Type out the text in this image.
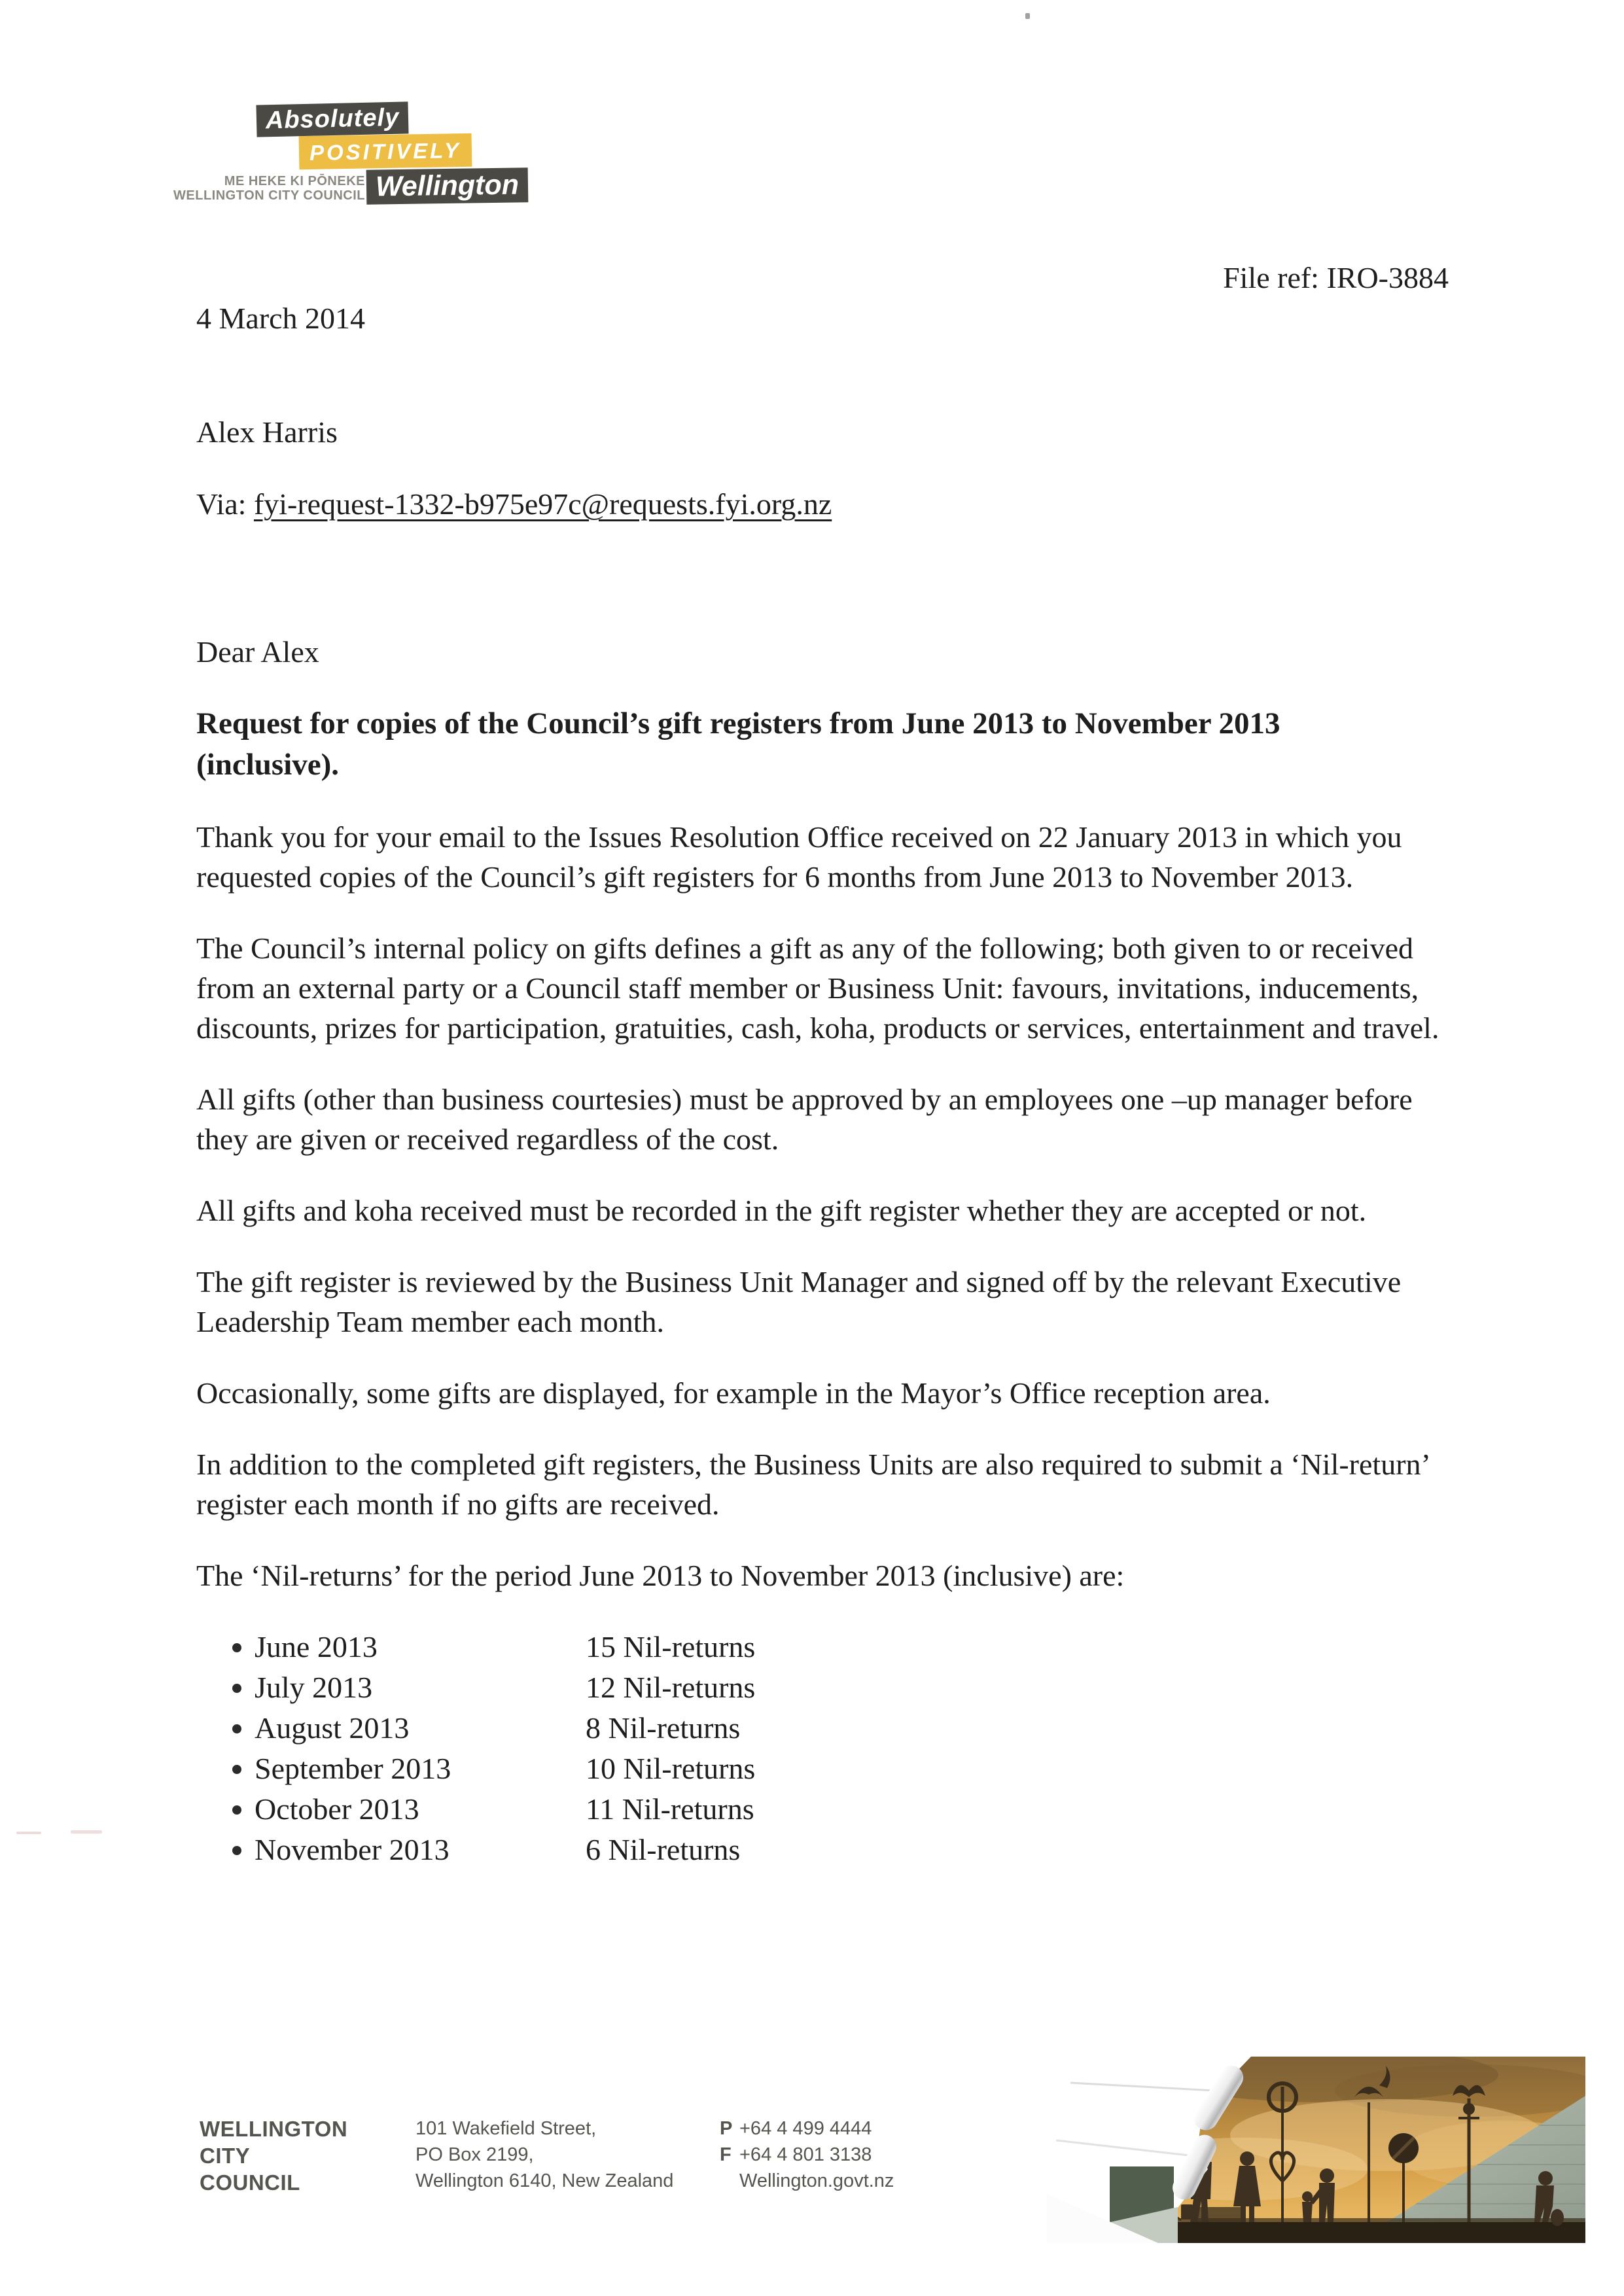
Absolutely
POSITIVELY
Wellington
ME HEKE KI PŌNEKE
WELLINGTON CITY COUNCIL
File ref: IRO-3884
4 March 2014
Alex Harris
Via: fyi-request-1332-b975e97c@requests.fyi.org.nz

Dear Alex

Request for copies of the Council’s gift registers from June 2013 to November 2013 (inclusive).

Thank you for your email to the Issues Resolution Office received on 22 January 2013 in which you requested copies of the Council’s gift registers for 6 months from June 2013 to November 2013.

The Council’s internal policy on gifts defines a gift as any of the following; both given to or received from an external party or a Council staff member or Business Unit: favours, invitations, inducements, discounts, prizes for participation, gratuities, cash, koha, products or services, entertainment and travel.

All gifts (other than business courtesies) must be approved by an employees one –up manager before they are given or received regardless of the cost.

All gifts and koha received must be recorded in the gift register whether they are accepted or not.

The gift register is reviewed by the Business Unit Manager and signed off by the relevant Executive Leadership Team member each month.

Occasionally, some gifts are displayed, for example in the Mayor’s Office reception area.

In addition to the completed gift registers, the Business Units are also required to submit a ‘Nil-return’ register each month if no gifts are received.

The ‘Nil-returns’ for the period June 2013 to November 2013 (inclusive) are:

June 2013	15 Nil-returns
July 2013	12 Nil-returns
August 2013	8 Nil-returns
September 2013	10 Nil-returns
October 2013	11 Nil-returns
November 2013	6 Nil-returns
WELLINGTON
CITY
COUNCIL
101 Wakefield Street,
PO Box 2199,
Wellington 6140, New Zealand
P +64 4 499 4444
F +64 4 801 3138
Wellington.govt.nz
